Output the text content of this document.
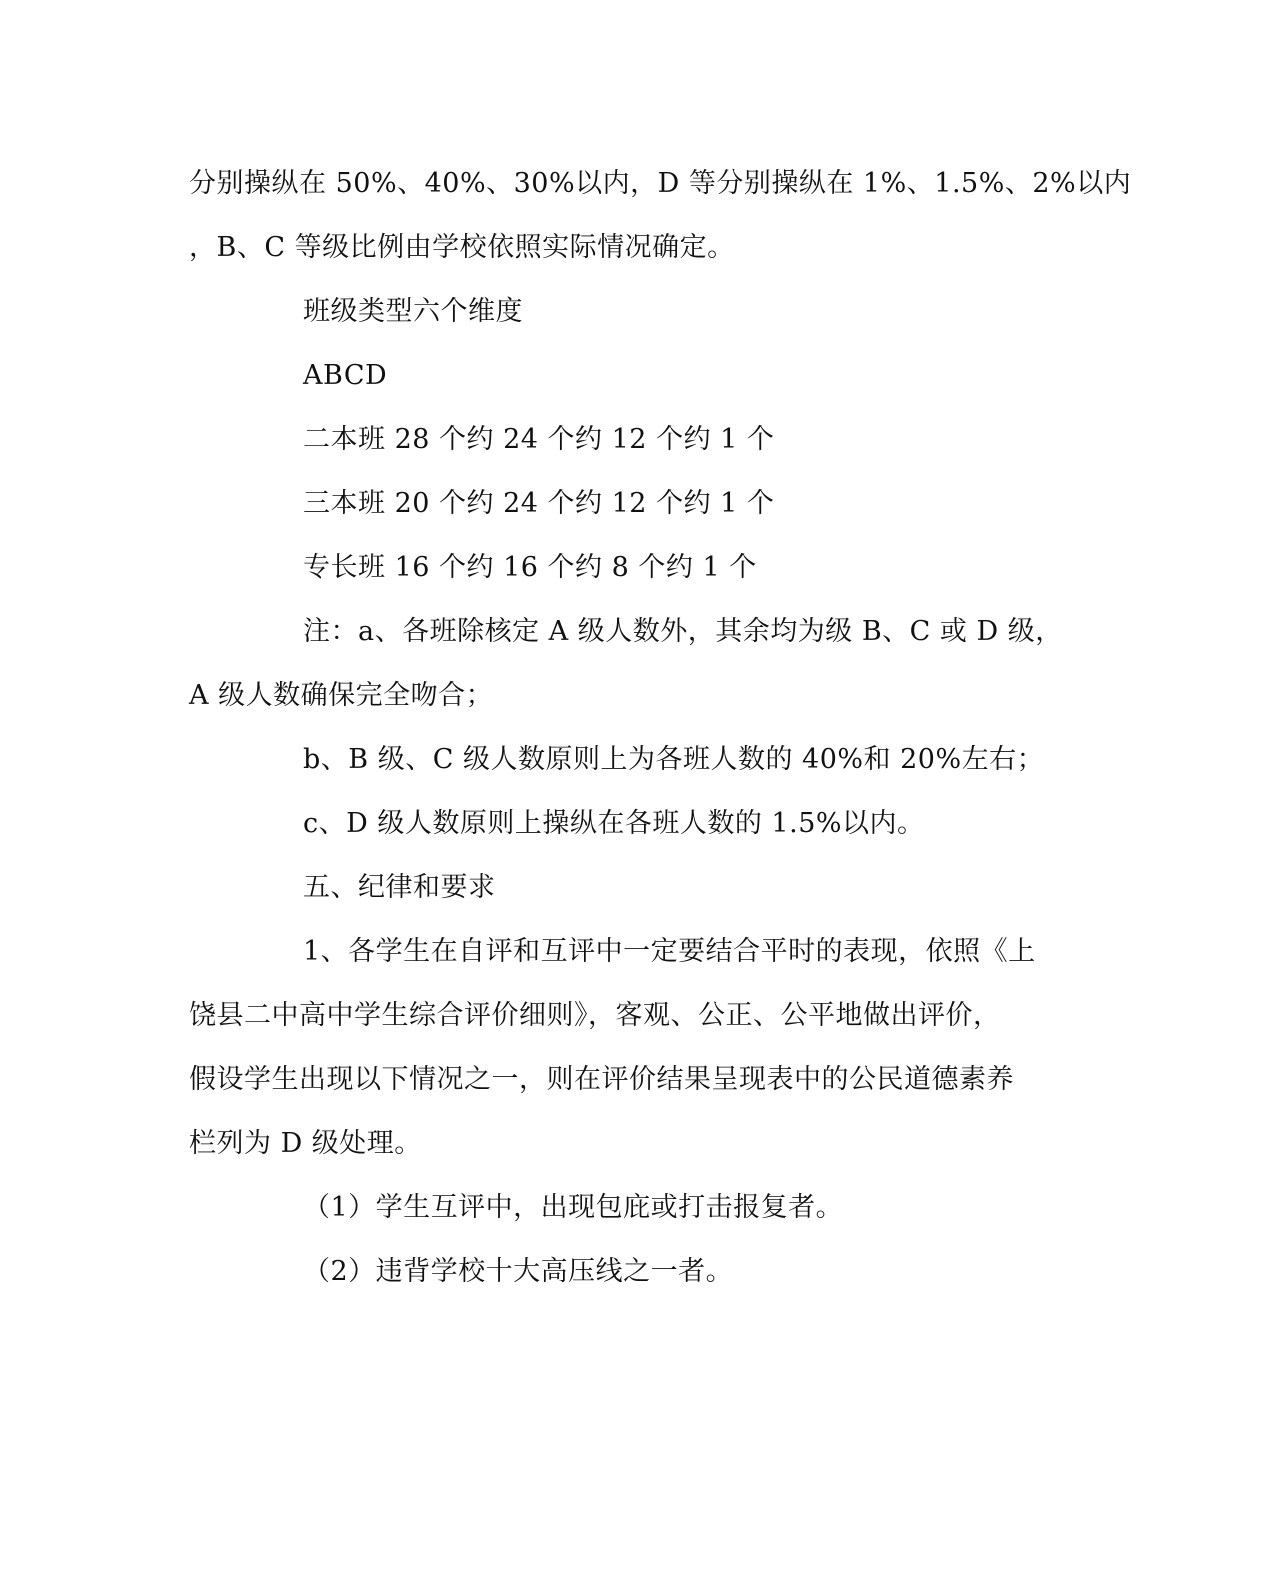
分别操纵在 50%、40%、30%以内，D 等分别操纵在 1%、1.5%、2%以内
，B、C 等级比例由学校依照实际情况确定。
班级类型六个维度
ABCD
二本班 28 个约 24 个约 12 个约 1 个
三本班 20 个约 24 个约 12 个约 1 个
专长班 16 个约 16 个约 8 个约 1 个
注：a、各班除核定 A 级人数外，其余均为级 B、C 或 D 级，
A 级人数确保完全吻合；
b、B 级、C 级人数原则上为各班人数的 40%和 20%左右；
c、D 级人数原则上操纵在各班人数的 1.5%以内。
五、纪律和要求
1、各学生在自评和互评中一定要结合平时的表现，依照《上
饶县二中高中学生综合评价细则》，客观、公正、公平地做出评价，
假设学生出现以下情况之一，则在评价结果呈现表中的公民道德素养
栏列为 D 级处理。
（1）学生互评中，出现包庇或打击报复者。
（2）违背学校十大高压线之一者。
